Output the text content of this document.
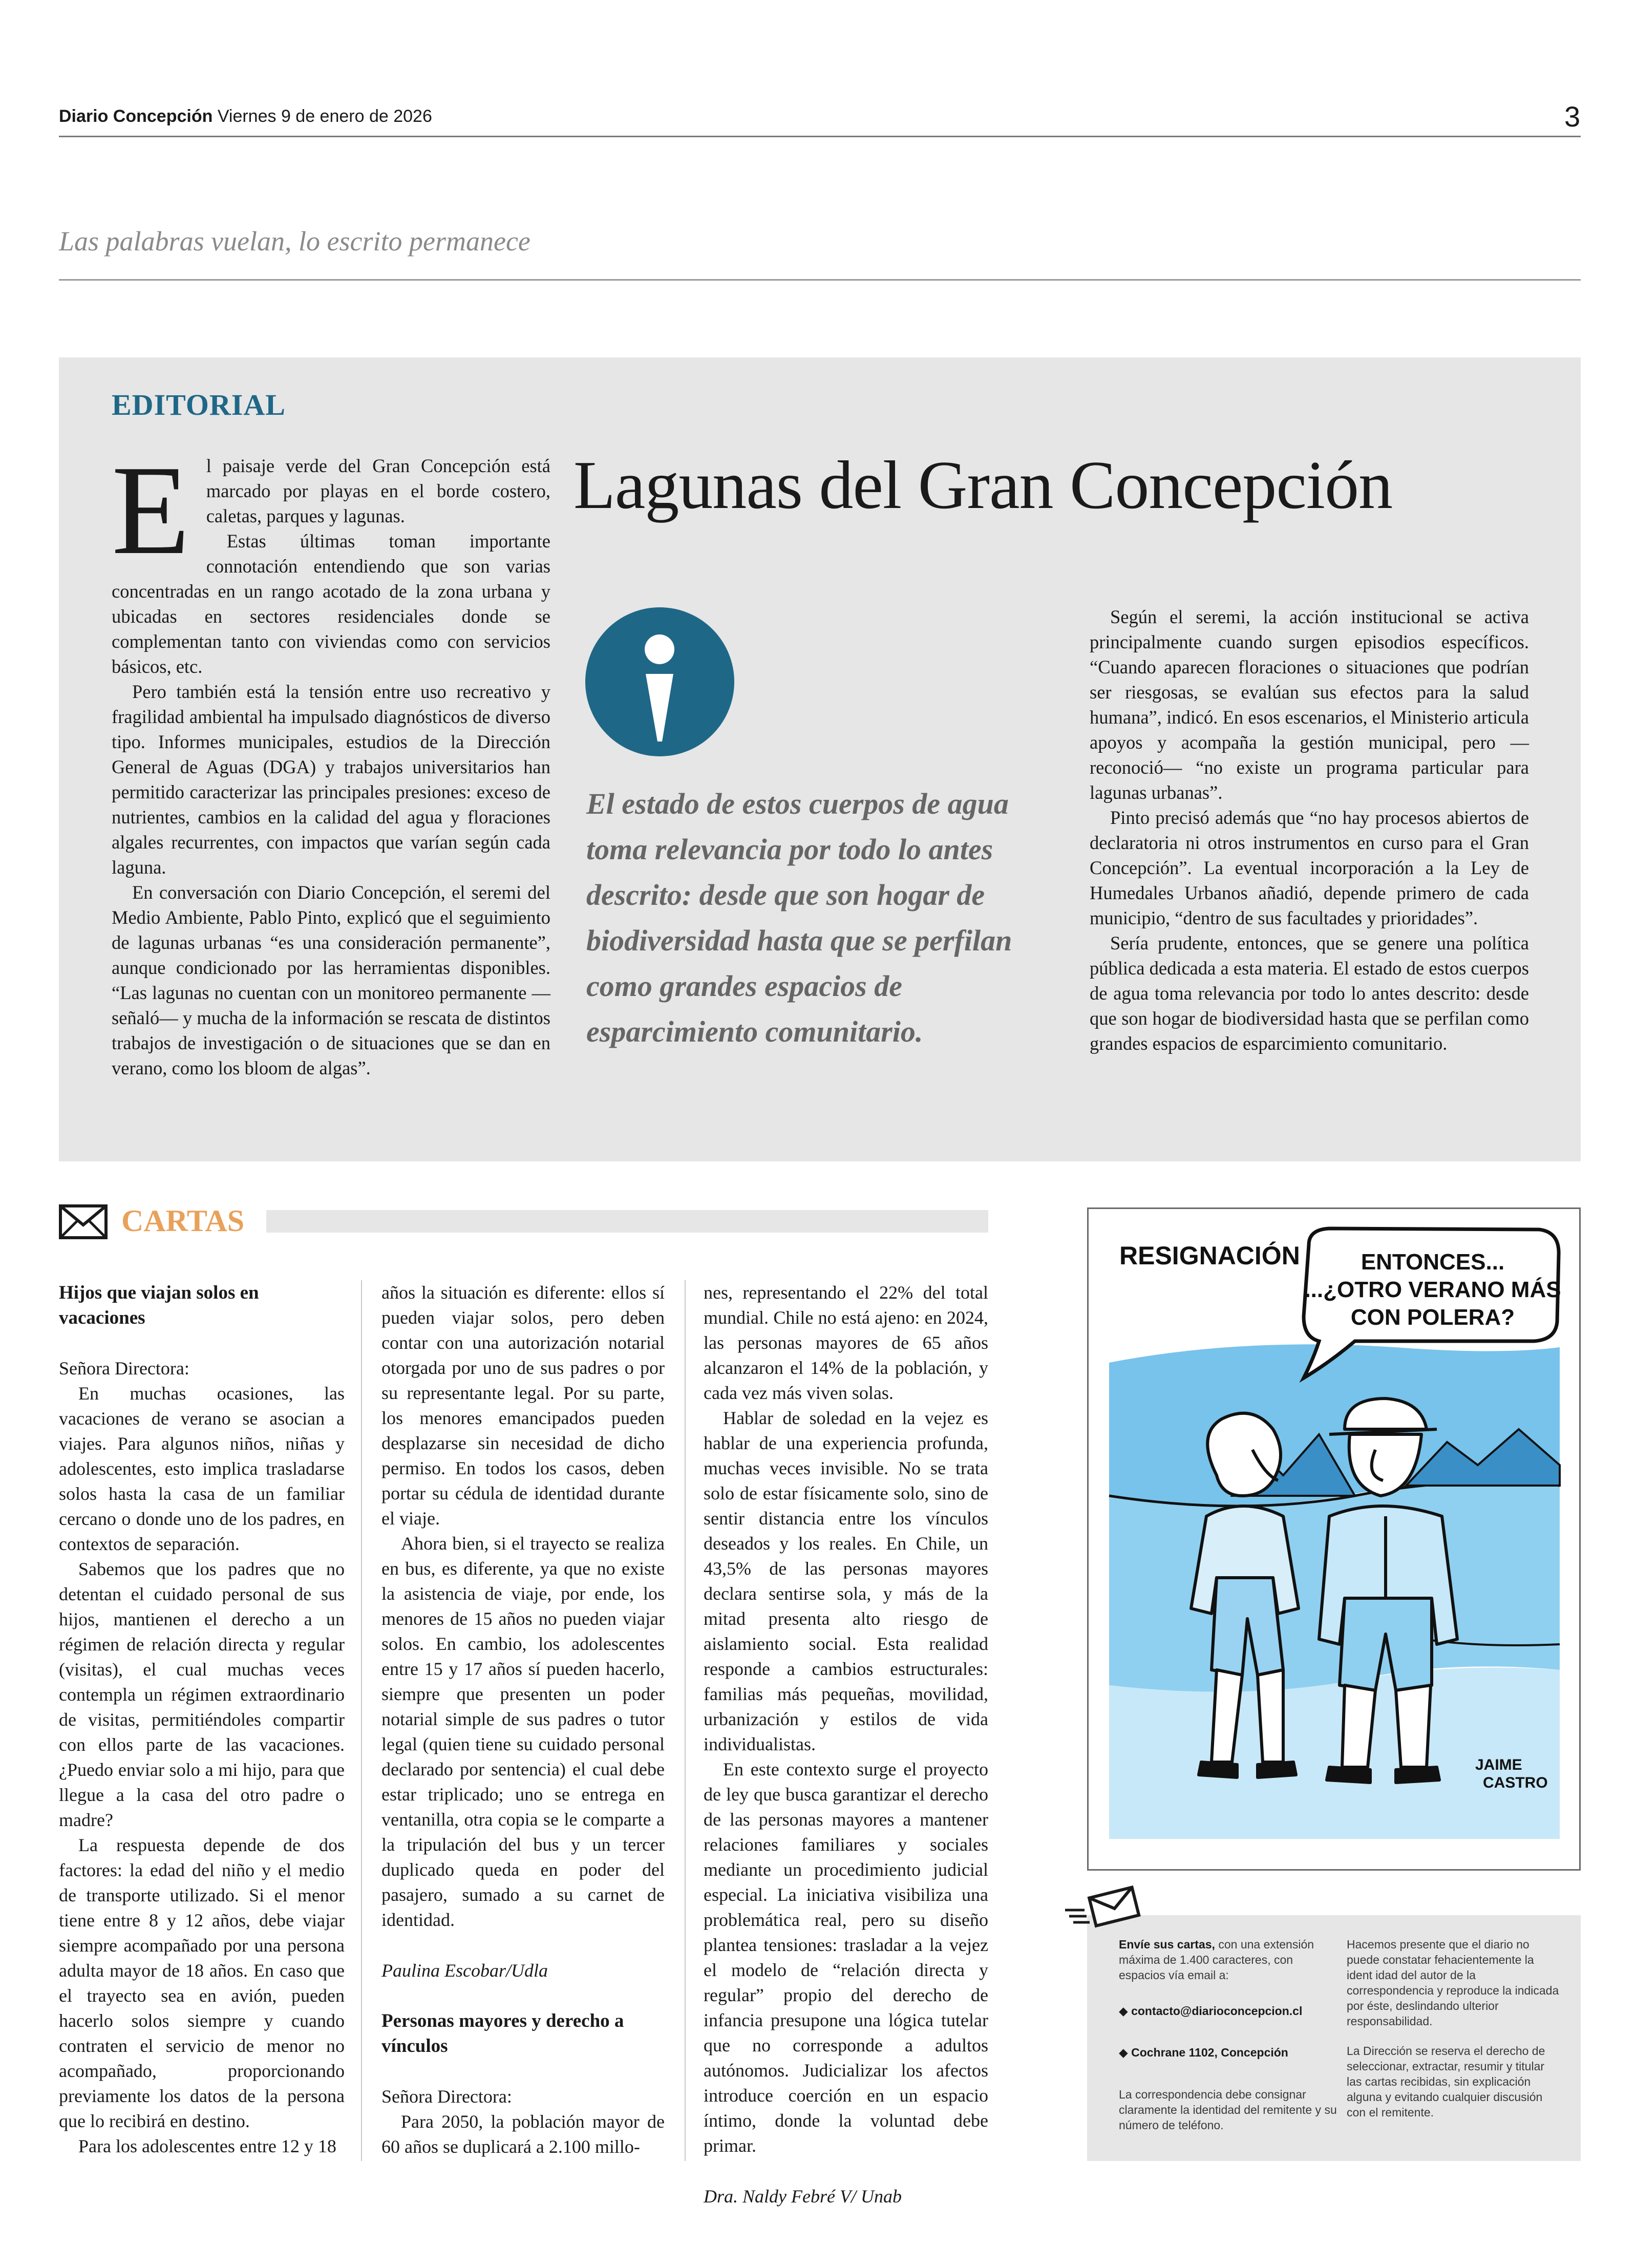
Diario Concepción Viernes 9 de enero de 2026	3
Las palabras vuelan, lo escrito permanece
EDITORIAL
E l paisaje verde del Gran Concepción está marcado por playas en el borde costero, caletas, parques y lagunas.

Estas últimas toman importante connotación entendiendo que son varias concentradas en un rango acotado de la zona urbana y ubicadas en sectores residenciales donde se complementan tanto con viviendas como con servicios básicos, etc.

Pero también está la tensión entre uso recreativo y fragilidad ambiental ha impulsado diagnósticos de diverso tipo. Informes municipales, estudios de la Dirección General de Aguas (DGA) y trabajos universitarios han permitido caracterizar las principales presiones: exceso de nutrientes, cambios en la calidad del agua y floraciones algales recurrentes, con impactos que varían según cada laguna.

En conversación con Diario Concepción, el seremi del Medio Ambiente, Pablo Pinto, explicó que el seguimiento de lagunas urbanas “es una consideración permanente”, aunque condicionado por las herramientas disponibles. “Las lagunas no cuentan con un monitoreo permanente —señaló— y mucha de la información se rescata de distintos trabajos de investigación o de situaciones que se dan en verano, como los bloom de algas”.

Lagunas del Gran Concepción
El estado de estos cuerpos de agua toma relevancia por todo lo antes descrito: desde que son hogar de biodiversidad hasta que se perfilan como grandes espacios de esparcimiento comunitario.

Según el seremi, la acción institucional se activa principalmente cuando surgen episodios específicos. “Cuando aparecen floraciones o situaciones que podrían ser riesgosas, se evalúan sus efectos para la salud humana”, indicó. En esos escenarios, el Ministerio articula apoyos y acompaña la gestión municipal, pero —reconoció— “no existe un programa particular para lagunas urbanas”.

Pinto precisó además que “no hay procesos abiertos de declaratoria ni otros instrumentos en curso para el Gran Concepción”. La eventual incorporación a la Ley de Humedales Urbanos añadió, depende primero de cada municipio, “dentro de sus facultades y prioridades”.

Sería prudente, entonces, que se genere una política pública dedicada a esta materia. El estado de estos cuerpos de agua toma relevancia por todo lo antes descrito: desde que son hogar de biodiversidad hasta que se perfilan como grandes espacios de esparcimiento comunitario.

CARTAS
Hijos que viajan solos en vacaciones

Señora Directora:

En muchas ocasiones, las vacaciones de verano se asocian a viajes. Para algunos niños, niñas y adolescentes, esto implica trasladarse solos hasta la casa de un familiar cercano o donde uno de los padres, en contextos de separación.

Sabemos que los padres que no detentan el cuidado personal de sus hijos, mantienen el derecho a un régimen de relación directa y regular (visitas), el cual muchas veces contempla un régimen extraordinario de visitas, permitiéndoles compartir con ellos parte de las vacaciones. ¿Puedo enviar solo a mi hijo, para que llegue a la casa del otro padre o madre?

La respuesta depende de dos factores: la edad del niño y el medio de transporte utilizado. Si el menor tiene entre 8 y 12 años, debe viajar siempre acompañado por una persona adulta mayor de 18 años. En caso que el trayecto sea en avión, pueden hacerlo solos siempre y cuando contraten el servicio de menor no acompañado, proporcionando previamente los datos de la persona que lo recibirá en destino.

Para los adolescentes entre 12 y 18

años la situación es diferente: ellos sí pueden viajar solos, pero deben contar con una autorización notarial otorgada por uno de sus padres o por su representante legal. Por su parte, los menores emancipados pueden desplazarse sin necesidad de dicho permiso. En todos los casos, deben portar su cédula de identidad durante el viaje.

Ahora bien, si el trayecto se realiza en bus, es diferente, ya que no existe la asistencia de viaje, por ende, los menores de 15 años no pueden viajar solos. En cambio, los adolescentes entre 15 y 17 años sí pueden hacerlo, siempre que presenten un poder notarial simple de sus padres o tutor legal (quien tiene su cuidado personal declarado por sentencia) el cual debe estar triplicado; uno se entrega en ventanilla, otra copia se le comparte a la tripulación del bus y un tercer duplicado queda en poder del pasajero, sumado a su carnet de identidad.

Paulina Escobar/Udla

Personas mayores y derecho a vínculos

Señora Directora:

Para 2050, la población mayor de 60 años se duplicará a 2.100 millo-

nes, representando el 22% del total mundial. Chile no está ajeno: en 2024, las personas mayores de 65 años alcanzaron el 14% de la población, y cada vez más viven solas.

Hablar de soledad en la vejez es hablar de una experiencia profunda, muchas veces invisible. No se trata solo de estar físicamente solo, sino de sentir distancia entre los vínculos deseados y los reales. En Chile, un 43,5% de las personas mayores declara sentirse sola, y más de la mitad presenta alto riesgo de aislamiento social. Esta realidad responde a cambios estructurales: familias más pequeñas, movilidad, urbanización y estilos de vida individualistas.

En este contexto surge el proyecto de ley que busca garantizar el derecho de las personas mayores a mantener relaciones familiares y sociales mediante un procedimiento judicial especial. La iniciativa visibiliza una problemática real, pero su diseño plantea tensiones: trasladar a la vejez el modelo de “relación directa y regular” propio del derecho de infancia presupone una lógica tutelar que no corresponde a adultos autónomos. Judicializar los afectos introduce coerción en un espacio íntimo, donde la voluntad debe primar.

Dra. Naldy Febré V/ Unab

RESIGNACIÓN	ENTONCES...
...¿OTRO VERANO MÁS
CON POLERA?
JAIME
CASTRO
Envíe sus cartas, con una extensión máxima de 1.400 caracteres, con espacios vía email a:
◆ contacto@diarioconcepcion.cl
◆ Cochrane 1102, Concepción
La correspondencia debe consignar claramente la identidad del remitente y su número de teléfono.
Hacemos presente que el diario no puede constatar fehacientemente la ident idad del autor de la correspondencia y reproduce la indicada por éste, deslindando ulterior responsabilidad.
La Dirección se reserva el derecho de seleccionar, extractar, resumir y titular las cartas recibidas, sin explicación alguna y evitando cualquier discusión con el remitente.
